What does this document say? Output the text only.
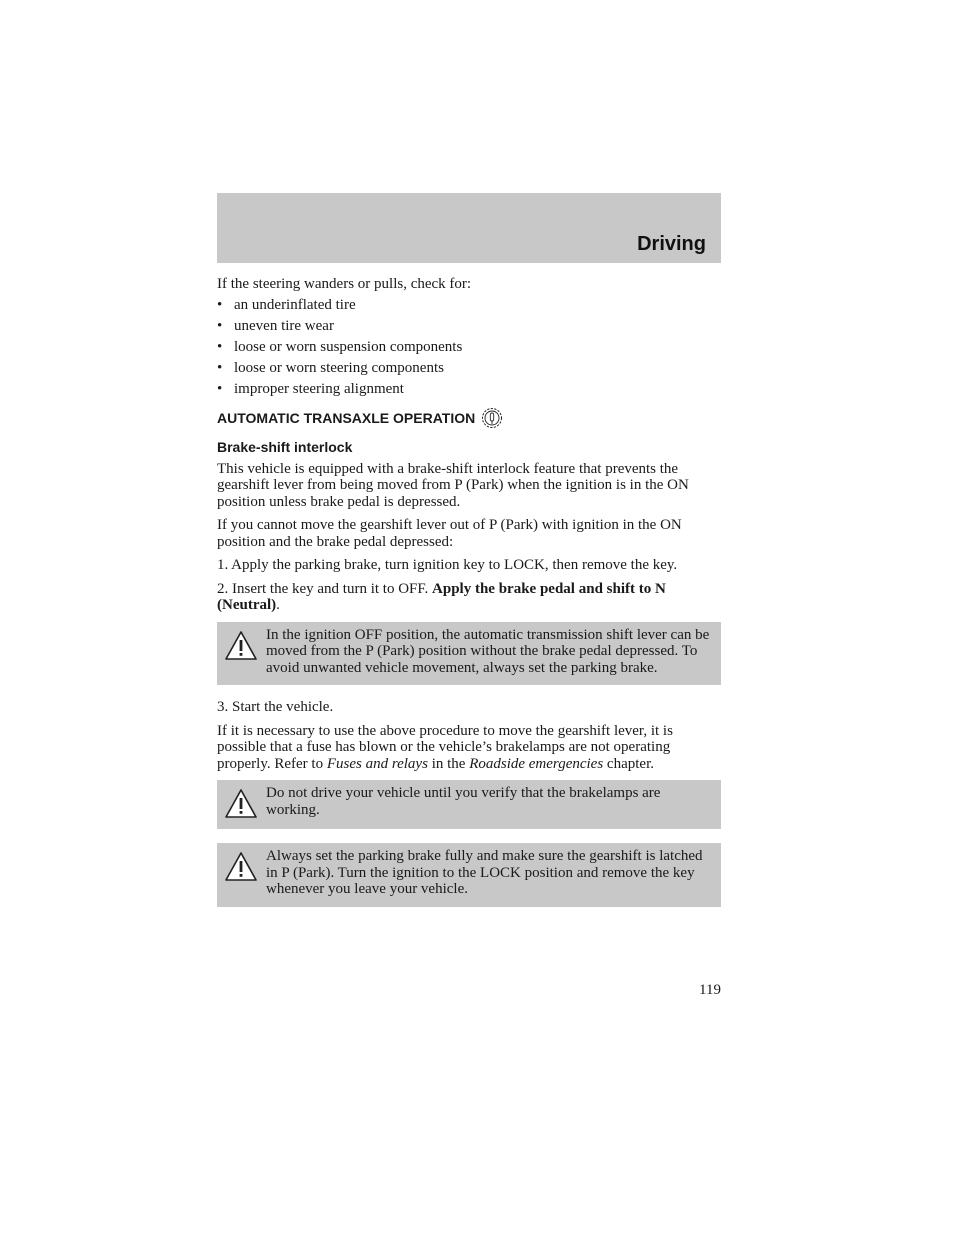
Driving

If the steering wanders or pulls, check for:

• an underinflated tire
• uneven tire wear
• loose or worn suspension components
• loose or worn steering components
• improper steering alignment
AUTOMATIC TRANSAXLE OPERATION
Brake-shift interlock

This vehicle is equipped with a brake-shift interlock feature that prevents the gearshift lever from being moved from P (Park) when the ignition is in the ON position unless brake pedal is depressed.

If you cannot move the gearshift lever out of P (Park) with ignition in the ON position and the brake pedal depressed:

1. Apply the parking brake, turn ignition key to LOCK, then remove the key.

2. Insert the key and turn it to OFF. Apply the brake pedal and shift to N (Neutral).

In the ignition OFF position, the automatic transmission shift lever can be moved from the P (Park) position without the brake pedal depressed. To avoid unwanted vehicle movement, always set the parking brake.

3. Start the vehicle.

If it is necessary to use the above procedure to move the gearshift lever, it is possible that a fuse has blown or the vehicle’s brakelamps are not operating properly. Refer to Fuses and relays in the Roadside emergencies chapter.

Do not drive your vehicle until you verify that the brakelamps are working.
Always set the parking brake fully and make sure the gearshift is latched in P (Park). Turn the ignition to the LOCK position and remove the key whenever you leave your vehicle.
119
